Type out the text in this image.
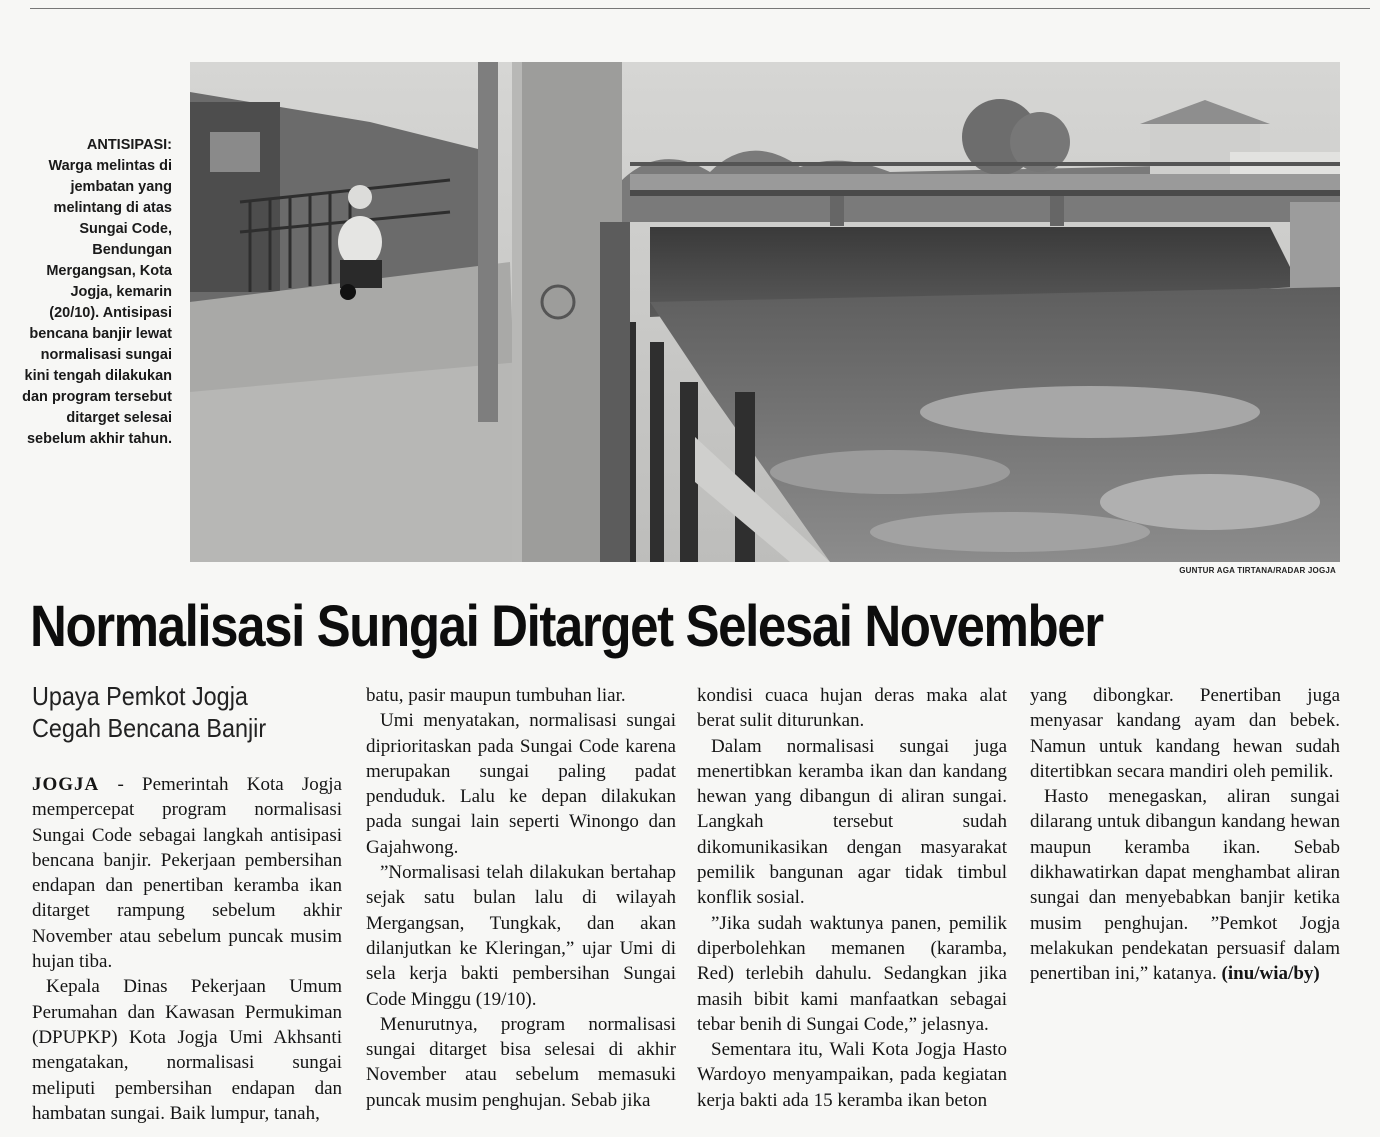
ANTISIPASI:
Warga melintas di jembatan yang melintang di atas Sungai Code, Bendungan Mergangsan, Kota Jogja, kemarin (20/10). Antisipasi bencana banjir lewat normalisasi sungai kini tengah dilakukan dan program tersebut ditarget selesai sebelum akhir tahun.
GUNTUR AGA TIRTANA/RADAR JOGJA
Normalisasi Sungai Ditarget Selesai November
Upaya Pemkot Jogja
Cegah Bencana Banjir

JOGJA - Pemerintah Kota Jogja mempercepat program normalisasi Sungai Code sebagai langkah antisipasi bencana banjir. Pekerjaan pembersihan endapan dan penertiban keramba ikan ditarget rampung sebelum akhir November atau sebelum puncak musim hujan tiba.

Kepala Dinas Pekerjaan Umum Perumahan dan Kawasan Permukiman (DPUPKP) Kota Jogja Umi Akhsanti mengatakan, normalisasi sungai meliputi pembersihan endapan dan hambatan sungai. Baik lumpur, tanah,

batu, pasir maupun tumbuhan liar.

Umi menyatakan, normalisasi sungai diprioritaskan pada Sungai Code karena merupakan sungai paling padat penduduk. Lalu ke depan dilakukan pada sungai lain seperti Winongo dan Gajahwong.

”Normalisasi telah dilakukan bertahap sejak satu bulan lalu di wilayah Mergangsan, Tungkak, dan akan dilanjutkan ke Kleringan,” ujar Umi di sela kerja bakti pembersihan Sungai Code Minggu (19/10).

Menurutnya, program normalisasi sungai ditarget bisa selesai di akhir November atau sebelum memasuki puncak musim penghujan. Sebab jika

kondisi cuaca hujan deras maka alat berat sulit diturunkan.

Dalam normalisasi sungai juga menertibkan keramba ikan dan kandang hewan yang dibangun di aliran sungai. Langkah tersebut sudah dikomunikasikan dengan masyarakat pemilik bangunan agar tidak timbul konflik sosial.

”Jika sudah waktunya panen, pemilik diperbolehkan memanen (karamba, Red) terlebih dahulu. Sedangkan jika masih bibit kami manfaatkan sebagai tebar benih di Sungai Code,” jelasnya.

Sementara itu, Wali Kota Jogja Hasto Wardoyo menyampaikan, pada kegiatan kerja bakti ada 15 keramba ikan beton

yang dibongkar. Penertiban juga menyasar kandang ayam dan bebek. Namun untuk kandang hewan sudah ditertibkan secara mandiri oleh pemilik.

Hasto menegaskan, aliran sungai dilarang untuk dibangun kandang hewan maupun keramba ikan. Sebab dikhawatirkan dapat menghambat aliran sungai dan menyebabkan banjir ketika musim penghujan. ”Pemkot Jogja melakukan pendekatan persuasif dalam penertiban ini,” katanya. (inu/wia/by)
